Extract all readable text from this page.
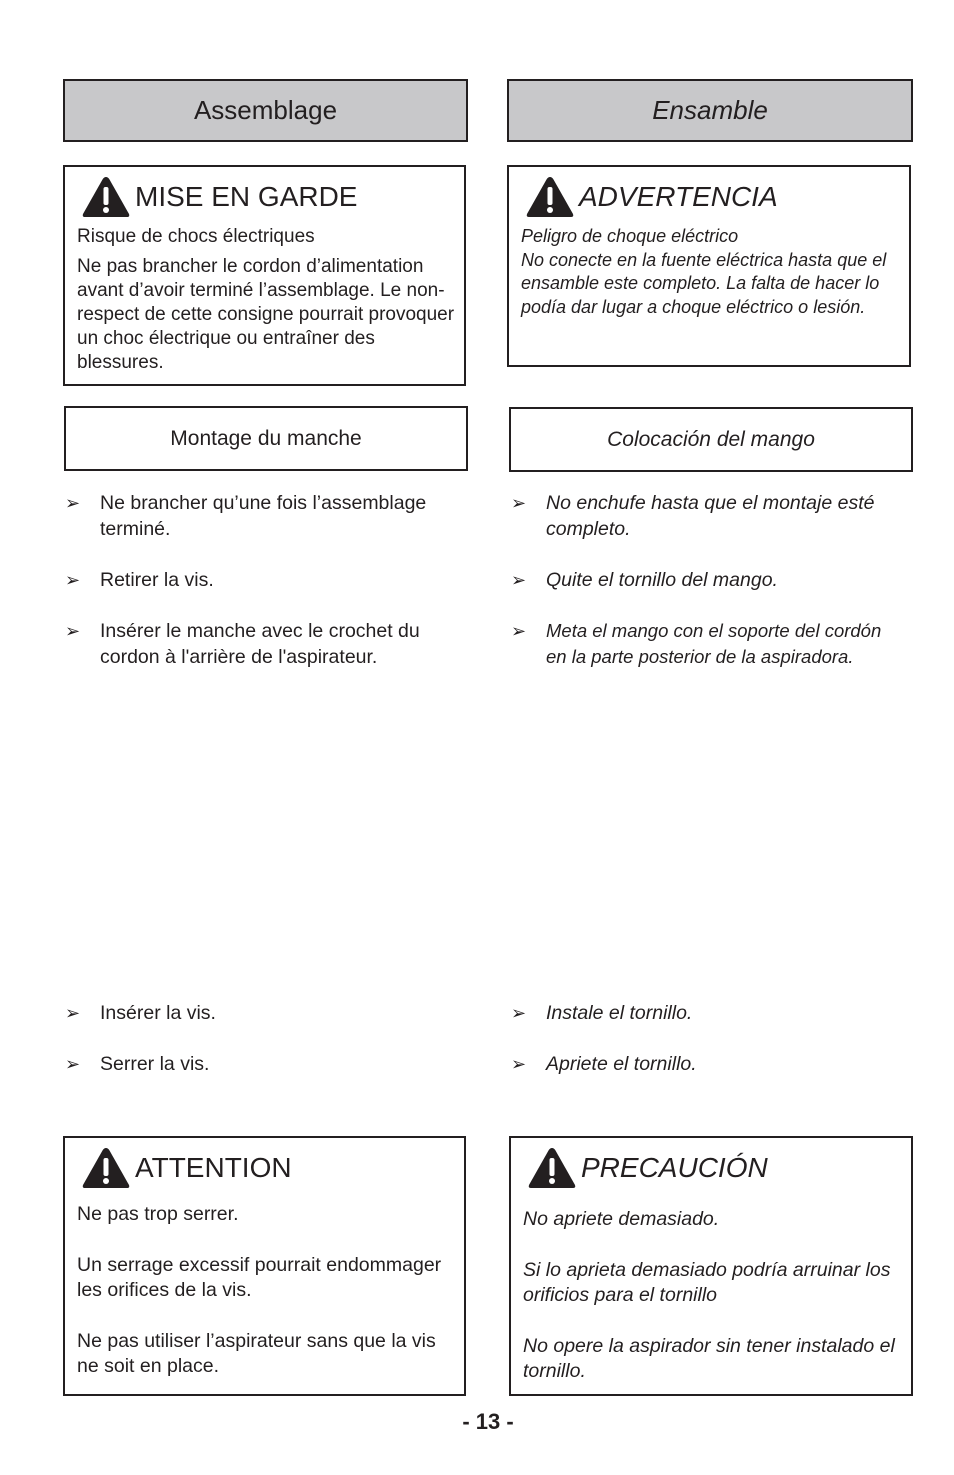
Assemblage
MISE EN GARDE

Risque de chocs électriques

Ne pas brancher le cordon d’alimentation avant d’avoir terminé l’assemblage. Le non-respect de cette consigne pourrait provoquer un choc électrique ou entraîner des blessures.

Montage du manche
➢ Ne brancher qu’une fois l’assemblage terminé.
➢ Retirer la vis.
➢ Insérer le manche avec le crochet du cordon à l'arrière de l'aspirateur.
➢ Insérer la vis.
➢ Serrer la vis.
ATTENTION

Ne pas trop serrer.

Un serrage excessif pourrait endommager les orifices de la vis.

Ne pas utiliser l’aspirateur sans que la vis ne soit en place.

Ensamble
ADVERTENCIA

Peligro de choque eléctrico

No conecte en la fuente eléctrica hasta que el ensamble este completo. La falta de hacer lo podía dar lugar a choque eléctrico o lesión.

Colocación del mango
➢ No enchufe hasta que el montaje esté completo.
➢ Quite el tornillo del mango.
➢ Meta el mango con el soporte del cordón en la parte posterior de la aspiradora.
➢ Instale el tornillo.
➢ Apriete el tornillo.
PRECAUCIÓN

No apriete demasiado.

Si lo aprieta demasiado podría arruinar los orificios para el tornillo

No opere la aspirador sin tener instalado el tornillo.

- 13 -
